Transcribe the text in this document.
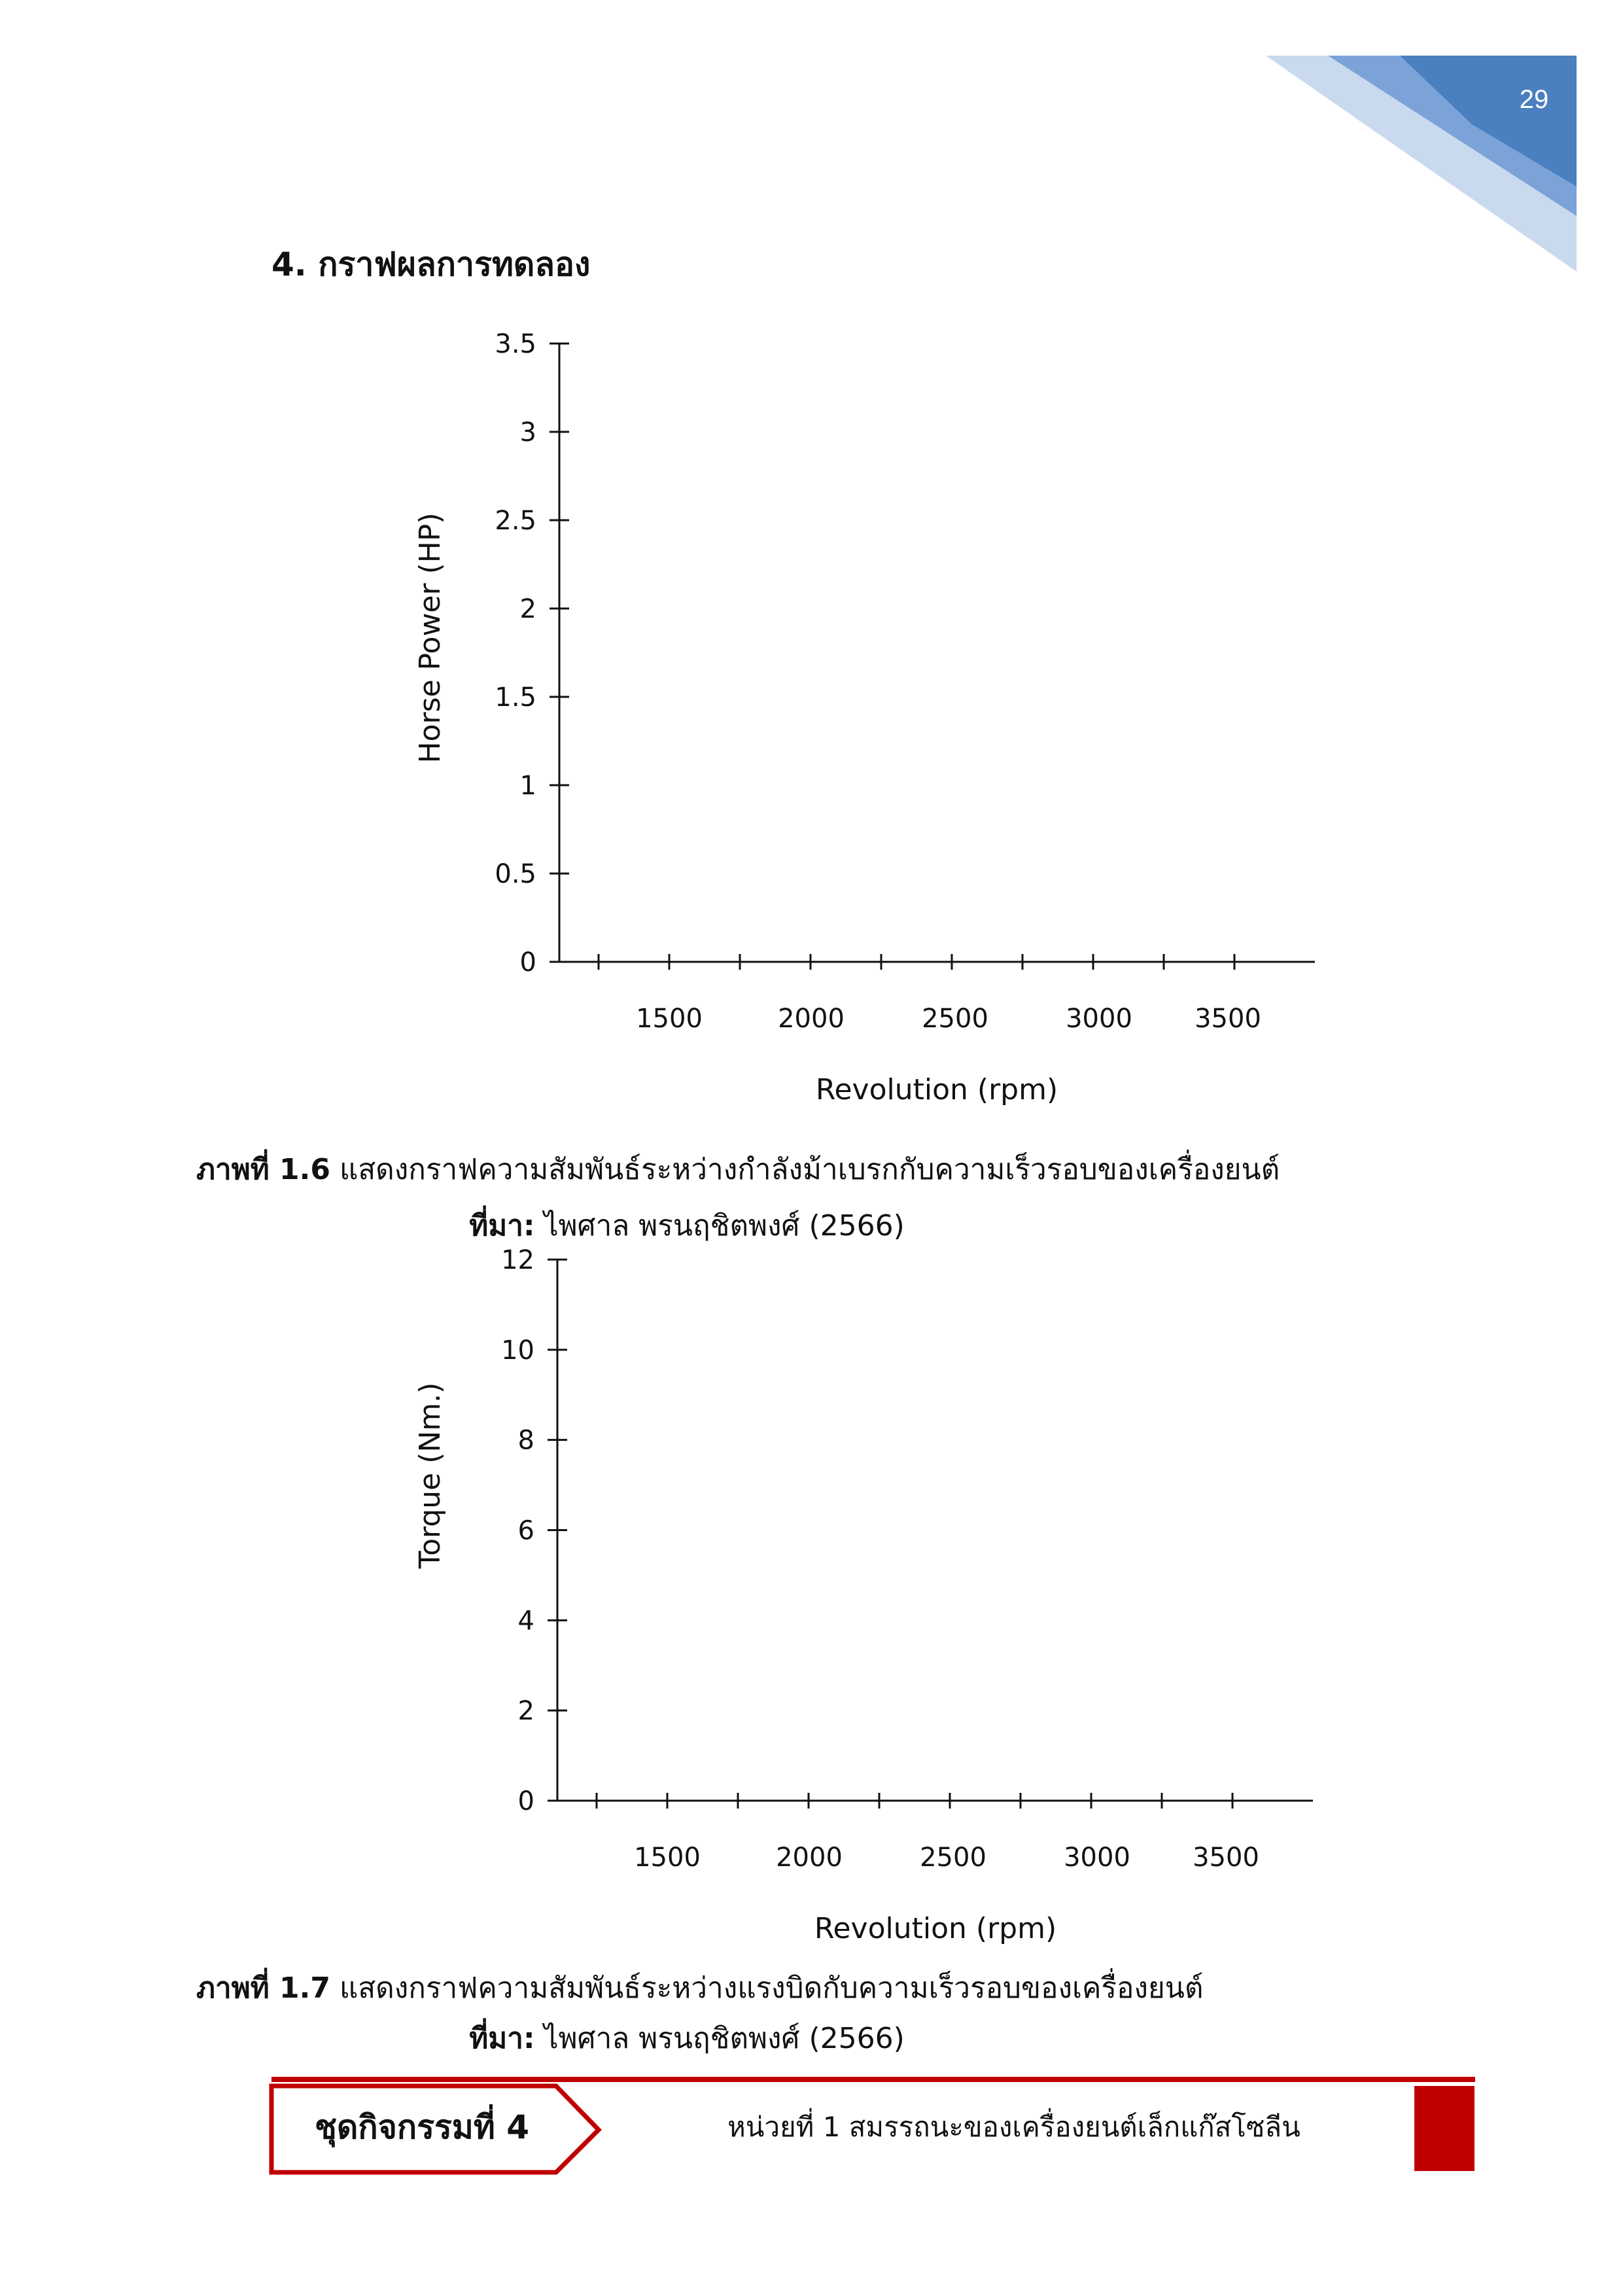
29
4. กราฟผลการทดลอง
0
0.5
1
1.5
2
2.5
3
3.5
1500	2000	2500	3000 3500
Horse Power (HP)
Revolution (rpm)
ภาพที่ 1.6 แสดงกราฟความสัมพันธ์ระหว่างกำลังม้าเบรกกับความเร็วรอบของเครื่องยนต์
ที่มา: ไพศาล พรนฤชิตพงศ์ (2566)
0
2
4
6
8
10
12
1500	2000	2500	3000 3500
Torque (Nm.)
Revolution (rpm)
ภาพที่ 1.7 แสดงกราฟความสัมพันธ์ระหว่างแรงบิดกับความเร็วรอบของเครื่องยนต์
ที่มา: ไพศาล พรนฤชิตพงศ์ (2566)
ชุดกิจกรรมที่ 4	หน่วยที่ 1 สมรรถนะของเครื่องยนต์เล็กแก๊สโซลีน
